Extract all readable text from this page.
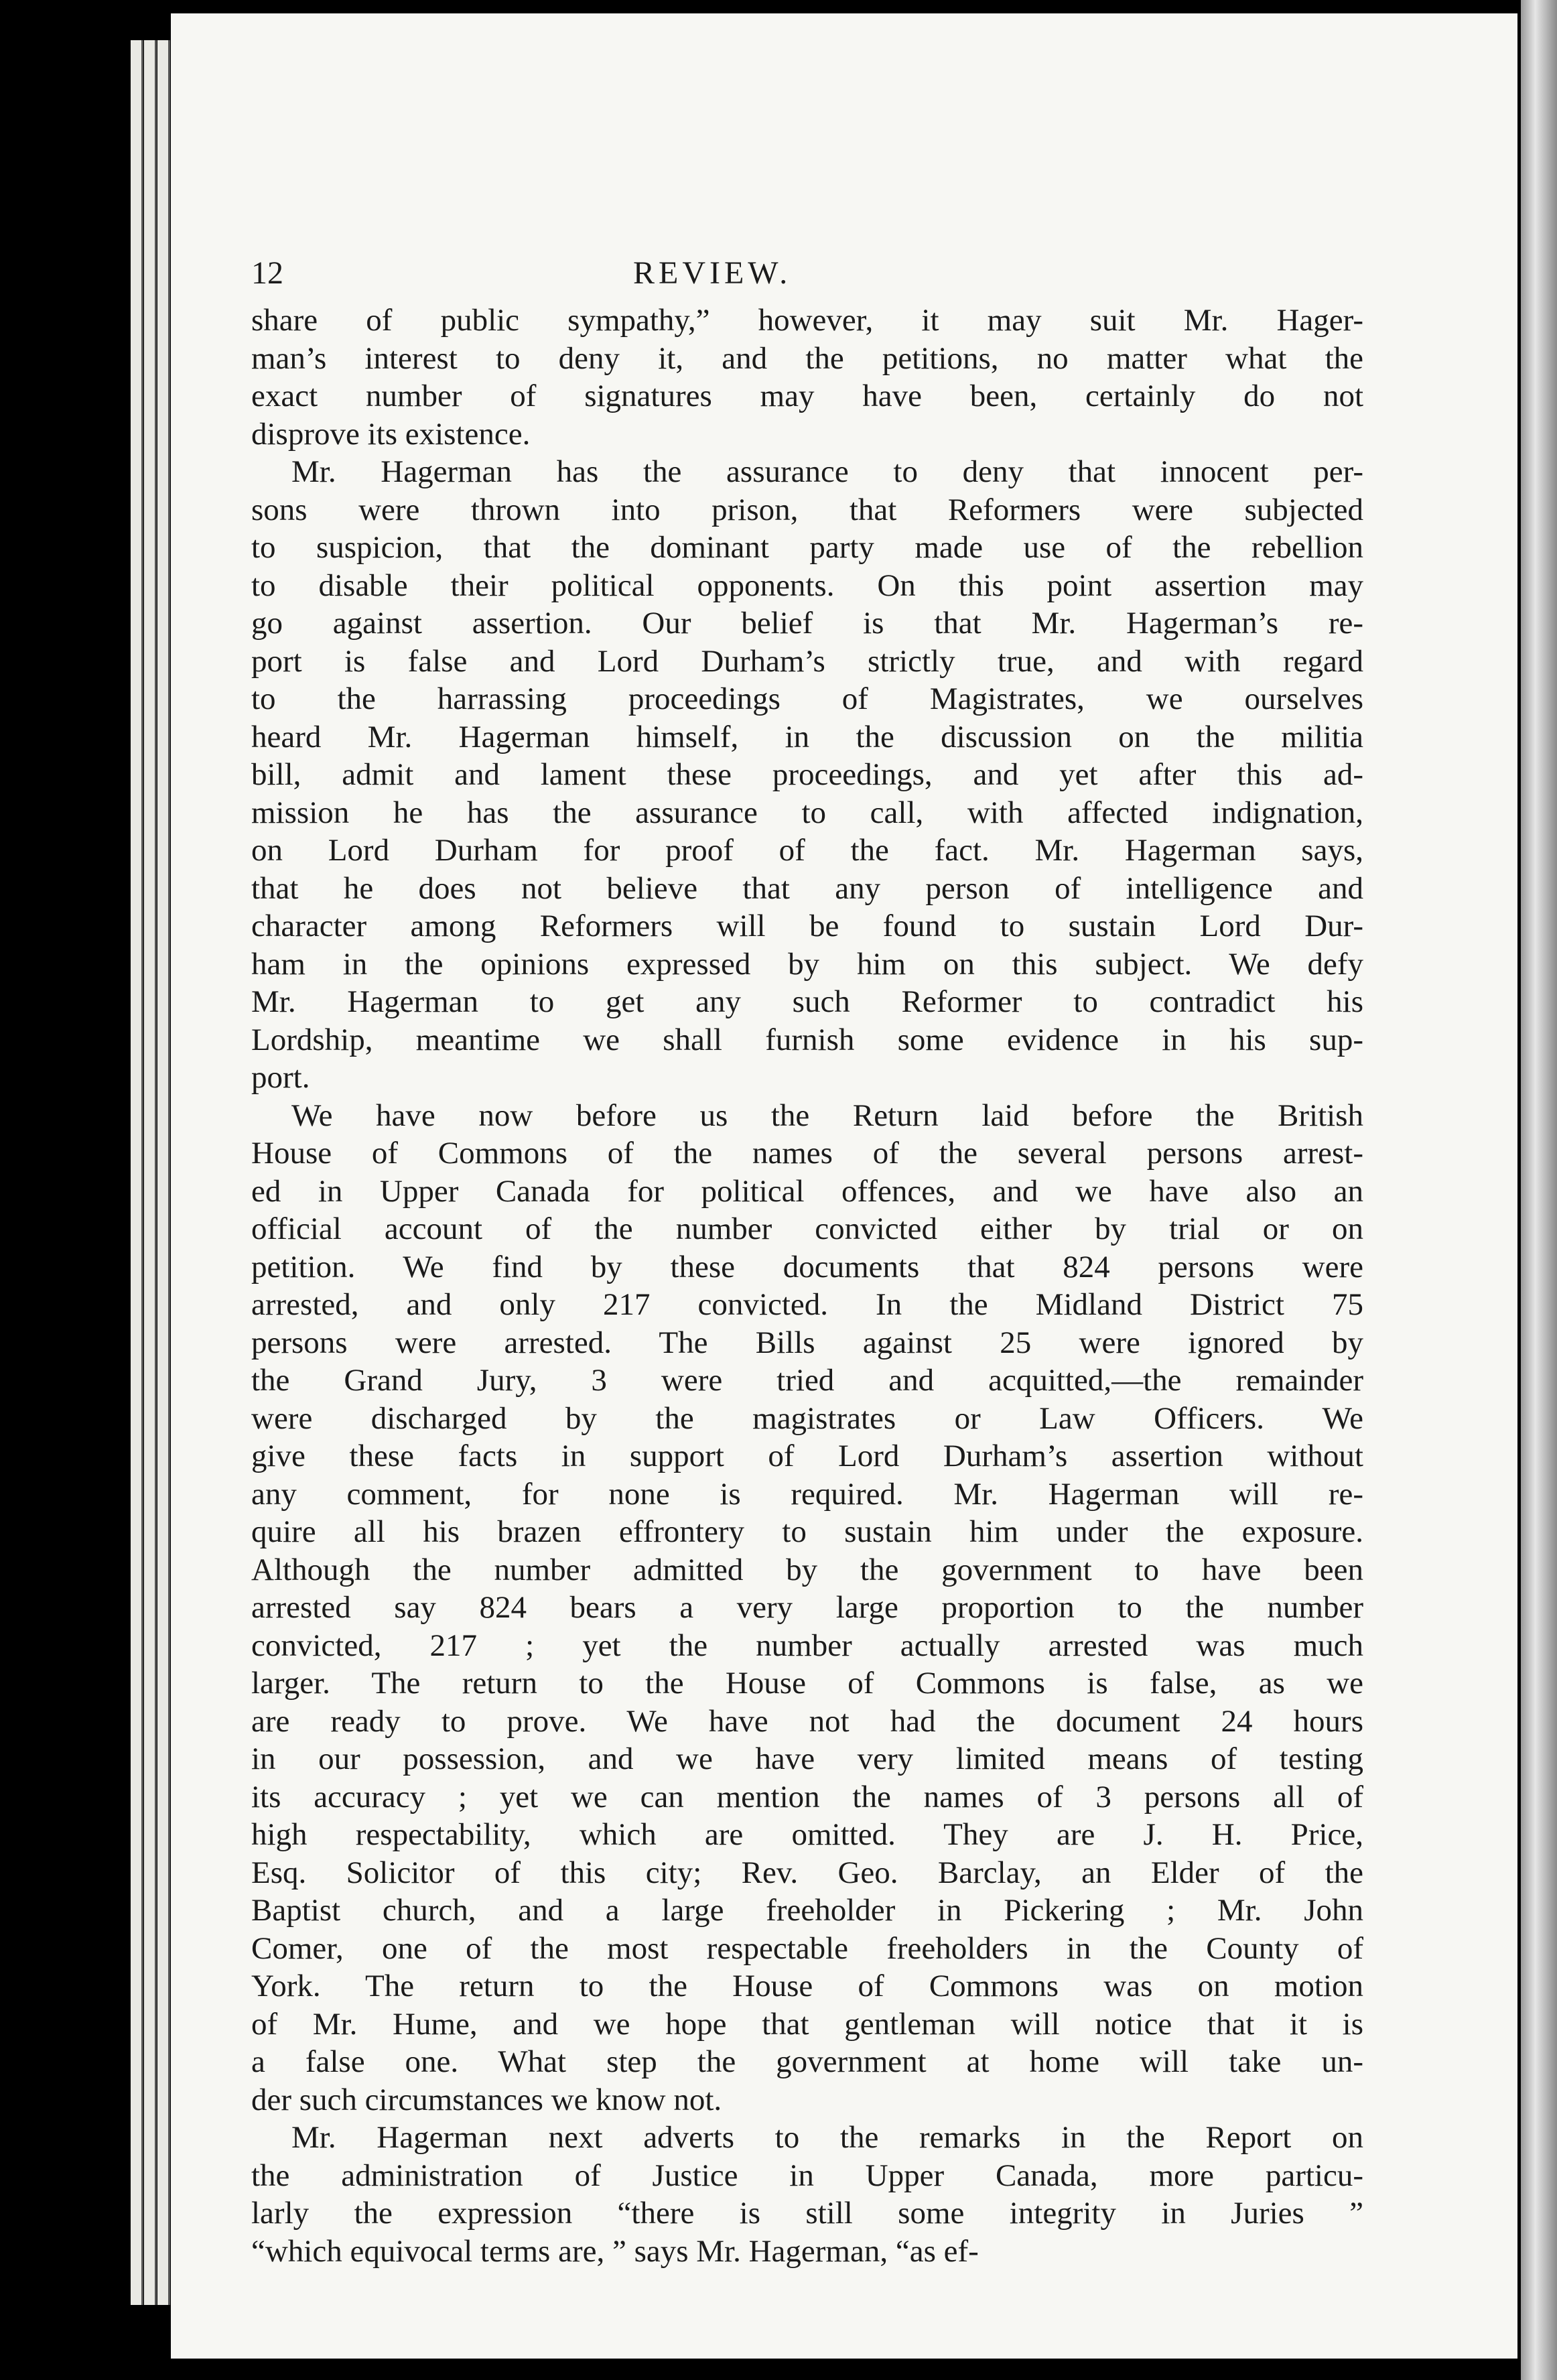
12	REVIEW.
share of public sympathy,” however, it may suit Mr. Hager-
man’s interest to deny it, and the petitions, no matter what the
exact number of signatures may have been, certainly do not
disprove its existence.
Mr. Hagerman has the assurance to deny that innocent per-
sons were thrown into prison, that Reformers were subjected
to suspicion, that the dominant party made use of the rebellion
to disable their political opponents. On this point assertion may
go against assertion. Our belief is that Mr. Hagerman’s re-
port is false and Lord Durham’s strictly true, and with regard
to the harrassing proceedings of Magistrates, we ourselves
heard Mr. Hagerman himself, in the discussion on the militia
bill, admit and lament these proceedings, and yet after this ad-
mission he has the assurance to call, with affected indignation,
on Lord Durham for proof of the fact. Mr. Hagerman says,
that he does not believe that any person of intelligence and
character among Reformers will be found to sustain Lord Dur-
ham in the opinions expressed by him on this subject. We defy
Mr. Hagerman to get any such Reformer to contradict his
Lordship, meantime we shall furnish some evidence in his sup-
port.
We have now before us the Return laid before the British
House of Commons of the names of the several persons arrest-
ed in Upper Canada for political offences, and we have also an
official account of the number convicted either by trial or on
petition. We find by these documents that 824 persons were
arrested, and only 217 convicted. In the Midland District 75
persons were arrested. The Bills against 25 were ignored by
the Grand Jury, 3 were tried and acquitted,—the remainder
were discharged by the magistrates or Law Officers. We
give these facts in support of Lord Durham’s assertion without
any comment, for none is required. Mr. Hagerman will re-
quire all his brazen effrontery to sustain him under the exposure.
Although the number admitted by the government to have been
arrested say 824 bears a very large proportion to the number
convicted, 217 ; yet the number actually arrested was much
larger. The return to the House of Commons is false, as we
are ready to prove. We have not had the document 24 hours
in our possession, and we have very limited means of testing
its accuracy ; yet we can mention the names of 3 persons all of
high respectability, which are omitted. They are J. H. Price,
Esq. Solicitor of this city; Rev. Geo. Barclay, an Elder of the
Baptist church, and a large freeholder in Pickering ; Mr. John
Comer, one of the most respectable freeholders in the County of
York. The return to the House of Commons was on motion
of Mr. Hume, and we hope that gentleman will notice that it is
a false one. What step the government at home will take un-
der such circumstances we know not.
Mr. Hagerman next adverts to the remarks in the Report on
the administration of Justice in Upper Canada, more particu-
larly the expression “there is still some integrity in Juries ”
“which equivocal terms are, ” says Mr. Hagerman, “as ef-
